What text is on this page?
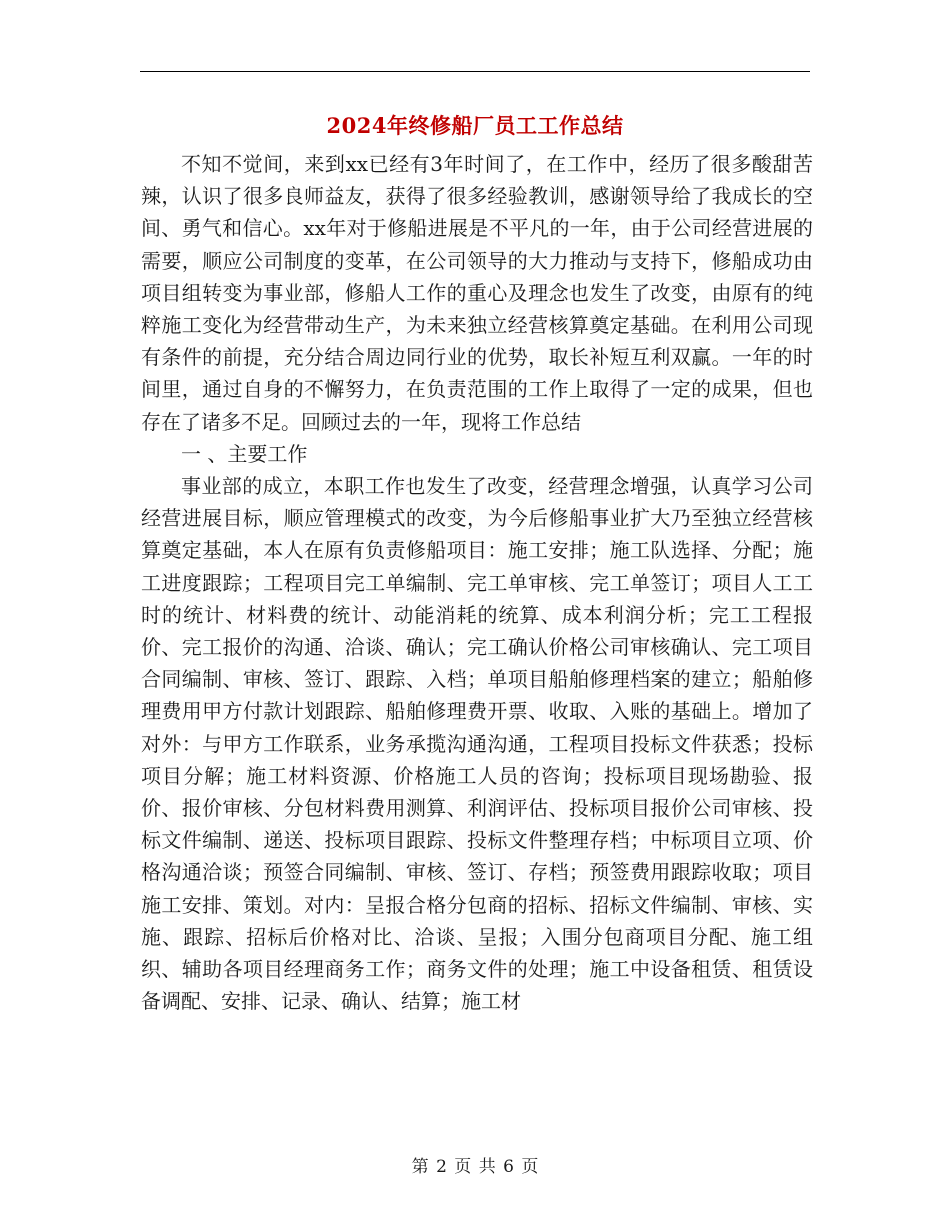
2024年终修船厂员工工作总结

不知不觉间，来到xx已经有3年时间了，在工作中，经历了很多酸甜苦辣，认识了很多良师益友，获得了很多经验教训，感谢领导给了我成长的空间、勇气和信心。xx年对于修船进展是不平凡的一年，由于公司经营进展的需要，顺应公司制度的变革，在公司领导的大力推动与支持下，修船成功由项目组转变为事业部，修船人工作的重心及理念也发生了改变，由原有的纯粹施工变化为经营带动生产，为未来独立经营核算奠定基础。在利用公司现有条件的前提，充分结合周边同行业的优势，取长补短互利双赢。一年的时间里，通过自身的不懈努力，在负责范围的工作上取得了一定的成果，但也存在了诸多不足。回顾过去的一年，现将工作总结

一 、主要工作

事业部的成立，本职工作也发生了改变，经营理念增强，认真学习公司经营进展目标，顺应管理模式的改变，为今后修船事业扩大乃至独立经营核算奠定基础，本人在原有负责修船项目：施工安排；施工队选择、分配；施工进度跟踪；工程项目完工单编制、完工单审核、完工单签订；项目人工工时的统计、材料费的统计、动能消耗的统算、成本利润分析；完工工程报价、完工报价的沟通、洽谈、确认；完工确认价格公司审核确认、完工项目合同编制、审核、签订、跟踪、入档；单项目船舶修理档案的建立；船舶修理费用甲方付款计划跟踪、船舶修理费开票、收取、入账的基础上。增加了对外：与甲方工作联系，业务承揽沟通沟通，工程项目投标文件获悉；投标项目分解；施工材料资源、价格施工人员的咨询；投标项目现场勘验、报价、报价审核、分包材料费用测算、利润评估、投标项目报价公司审核、投标文件编制、递送、投标项目跟踪、投标文件整理存档；中标项目立项、价格沟通洽谈；预签合同编制、审核、签订、存档；预签费用跟踪收取；项目施工安排、策划。对内：呈报合格分包商的招标、招标文件编制、审核、实施、跟踪、招标后价格对比、洽谈、呈报；入围分包商项目分配、施工组织、辅助各项目经理商务工作；商务文件的处理；施工中设备租赁、租赁设备调配、安排、记录、确认、结算；施工材

第 2 页 共 6 页
